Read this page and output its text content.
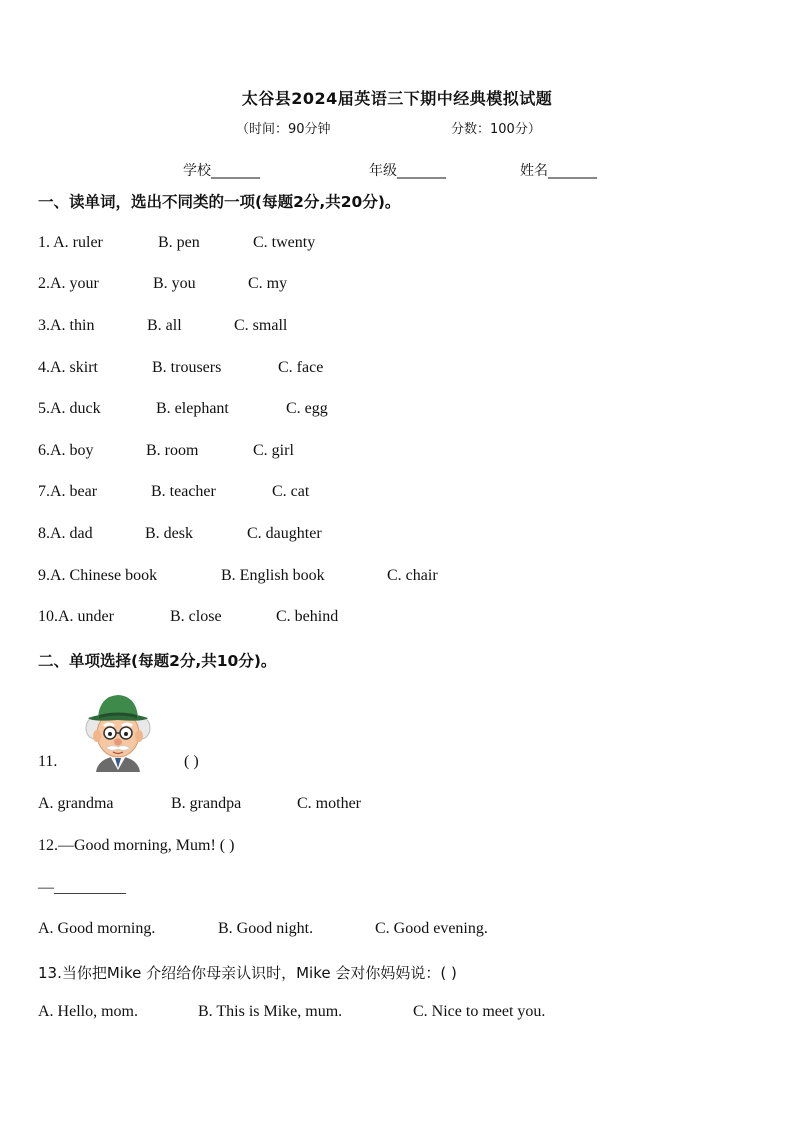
太谷县2024届英语三下期中经典模拟试题
（时间：90分钟	分数：100分）
学校_______	年级_______	姓名_______
一、读单词，选出不同类的一项(每题2分,共20分)。
1. A. ruler	B. pen	C. twenty
2.A. your	B. you	C. my
3.A. thin	B. all	C. small
4.A. skirt	B. trousers	C. face
5.A. duck	B. elephant	C. egg
6.A. boy	B. room	C. girl
7.A. bear	B. teacher	C. cat
8.A. dad	B. desk	C. daughter
9.A. Chinese book	B. English book	C. chair
10.A. under	B. close	C. behind
二、单项选择(每题2分,共10分)。
11.	( )
A. grandma	B. grandpa	C. mother
12.—Good morning, Mum! ( )
—_________
A. Good morning.	B. Good night.	C. Good evening.
13.当你把Mike 介绍给你母亲认识时，Mike 会对你妈妈说：( )
A. Hello, mom.	B. This is Mike, mum.	C. Nice to meet you.
